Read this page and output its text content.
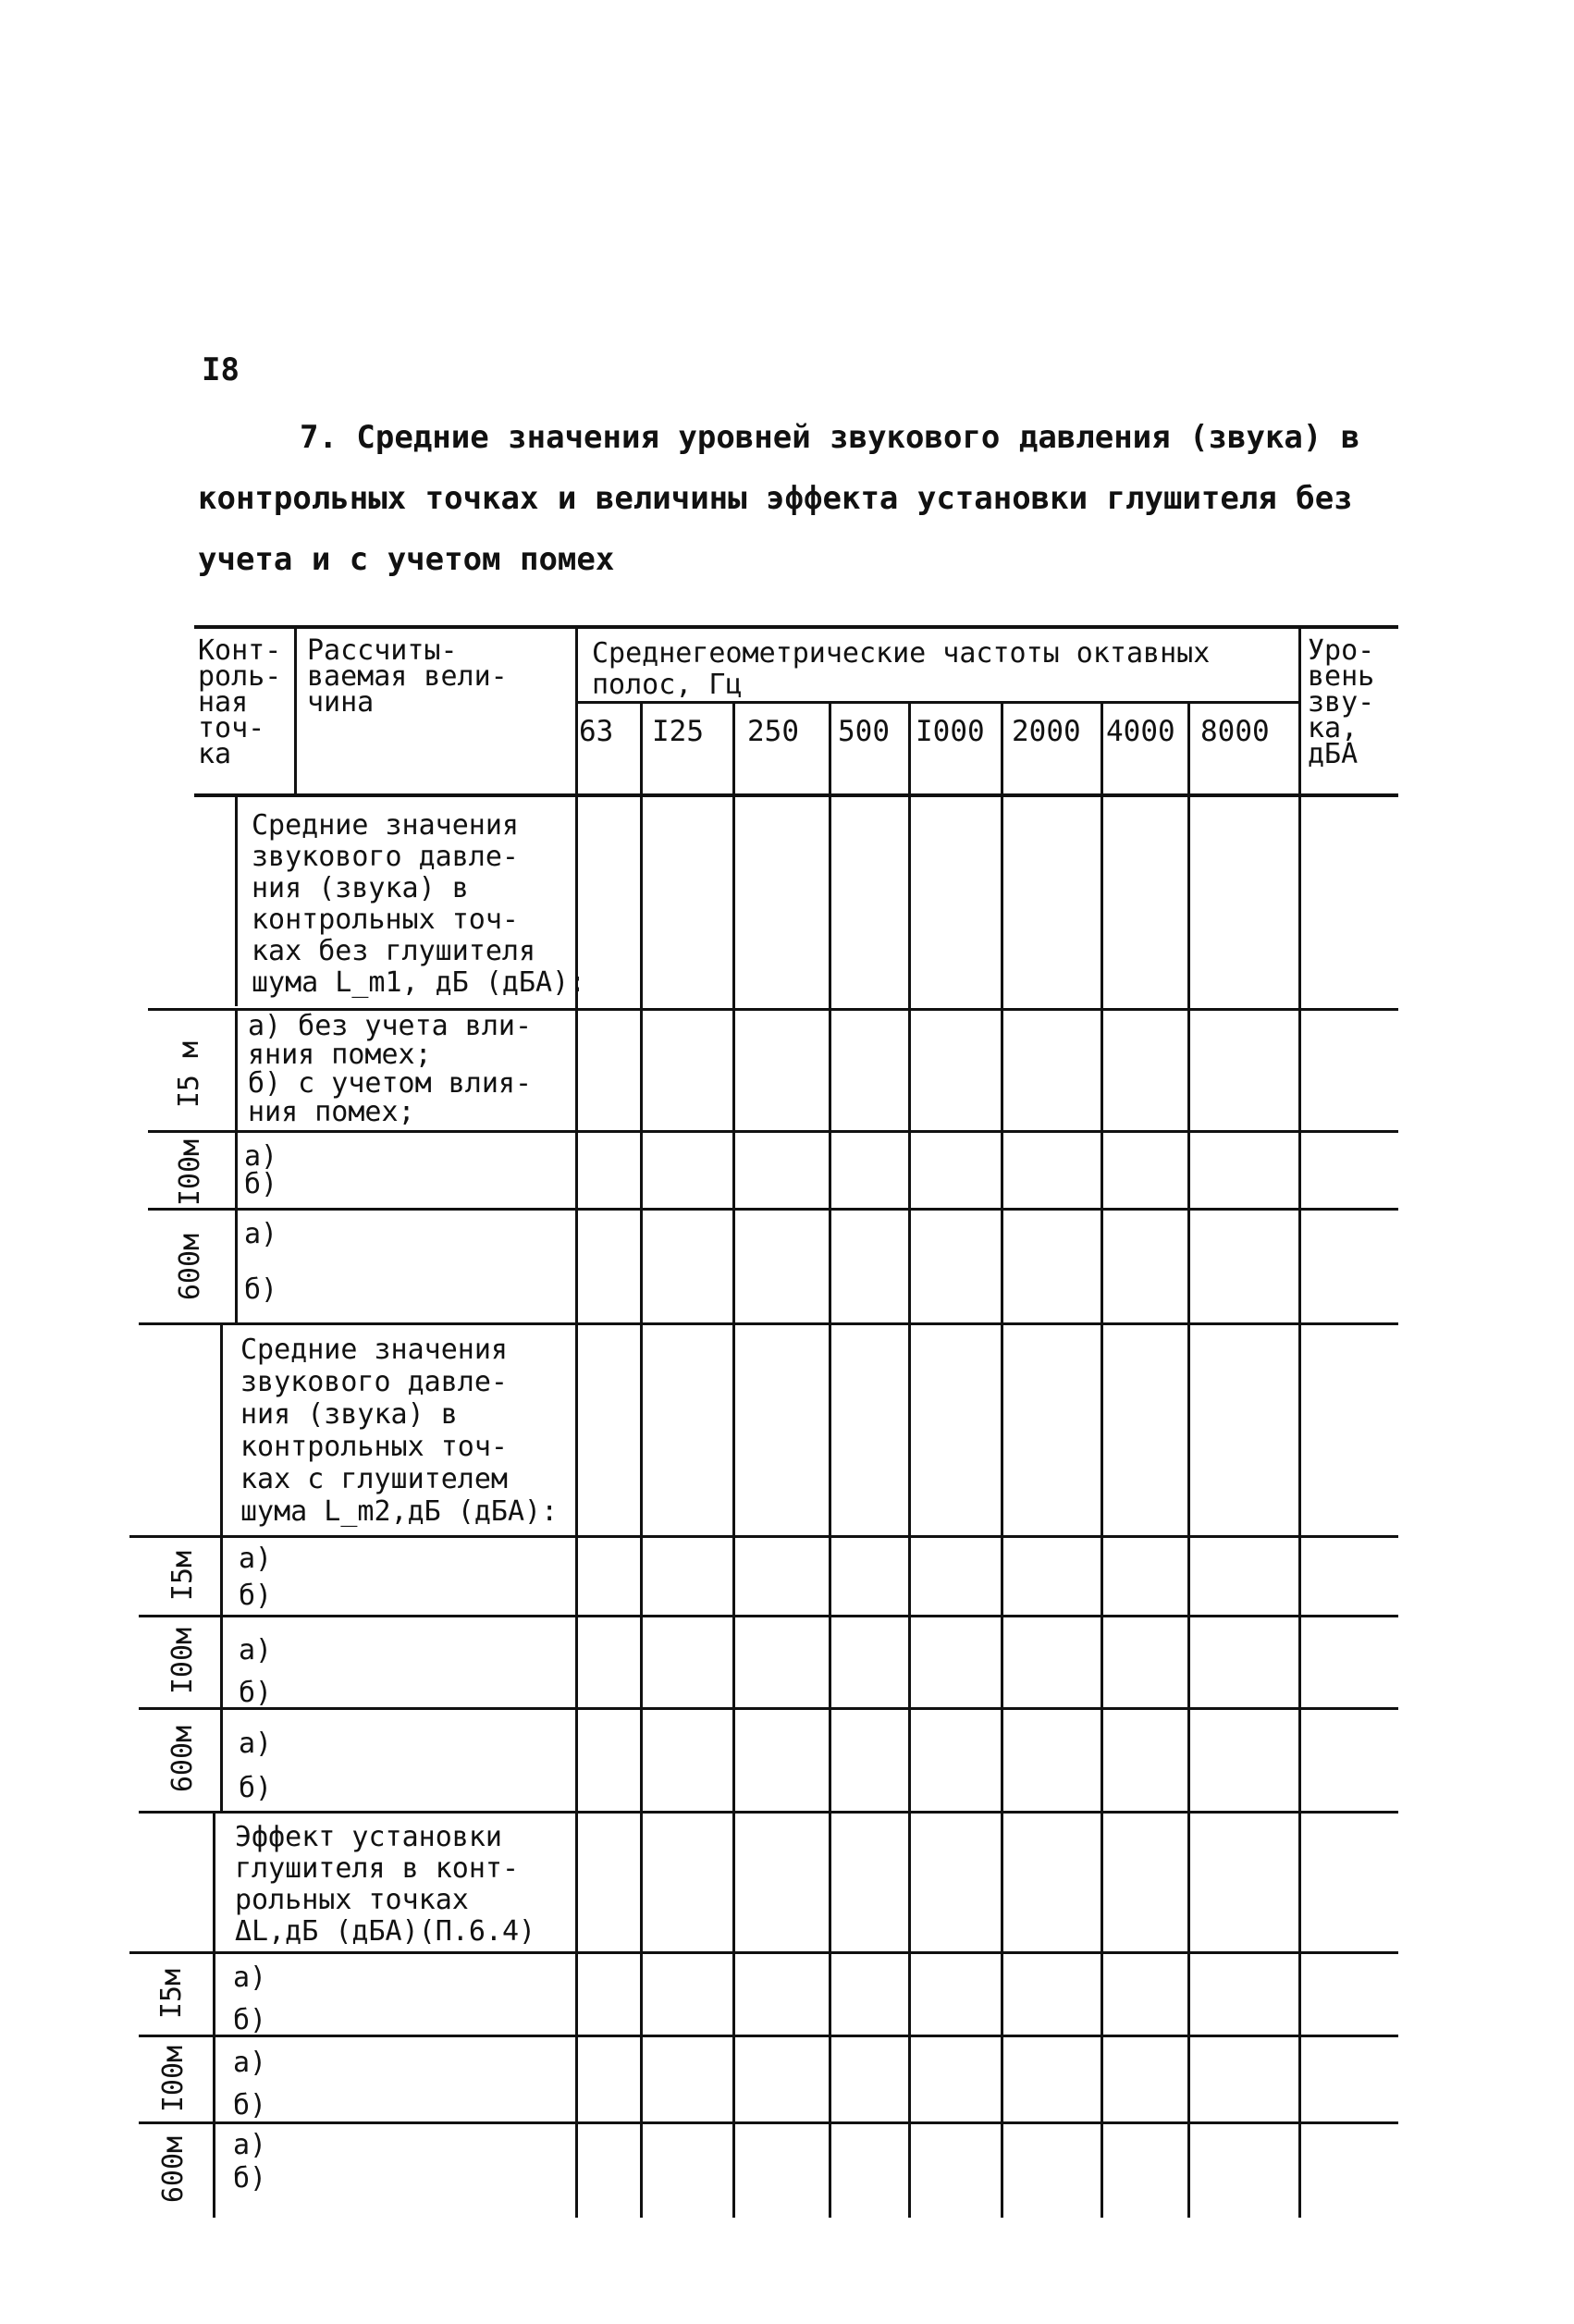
I8
7. Средние значения уровней звукового давления (звука) в
контрольных точках и величины эффекта установки глушителя без
учета и с учетом помех
Конт-
роль-
ная
точ-
ка
Рассчиты-
ваемая вели-
чина
Среднегеометрические частоты октавных
полос, Гц
Уро-
вень
зву-
ка,
дБА
63 I25 250 500 I000 2000 4000 8000
Средние значения
звукового давле-
ния (звука) в
контрольных точ-
ках без глушителя
шума L_m1, дБ (дБА):
I5 м
а) без учета вли-
яния помех;
б) с учетом влия-
ния помех;
I00м а)
б)
600м а)

б)
Средние значения
звукового давле-
ния (звука) в
контрольных точ-
ках с глушителем
шума L_m2,дБ (дБА):
I5м а)
б)
I00м а)
б)
600м а)
б)
Эффект установки
глушителя в конт-
рольных точках
ΔL,дБ (дБА)(П.6.4)
I5м а)
б)
I00м а)
б)
600м а)
б)
